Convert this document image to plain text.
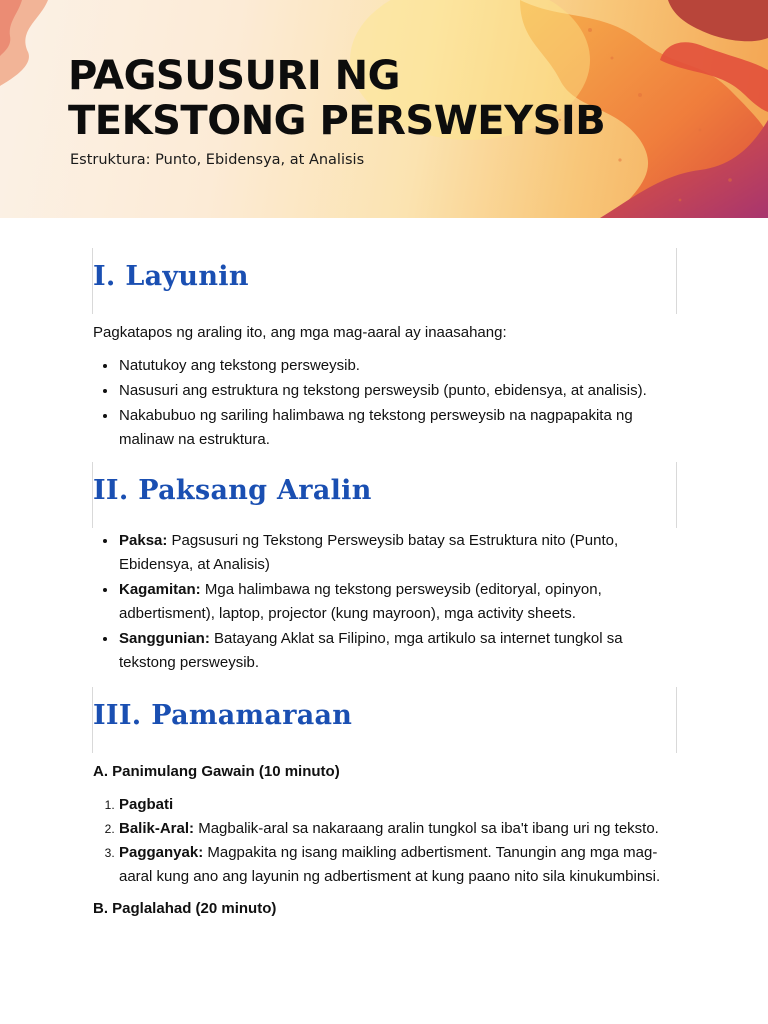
PAGSUSURI NG
TEKSTONG PERSWEYSIB

Estruktura: Punto, Ebidensya, at Analisis

I. Layunin

Pagkatapos ng araling ito, ang mga mag-aaral ay inaasahang:

• Natutukoy ang tekstong persweysib.
• Nasusuri ang estruktura ng tekstong persweysib (punto, ebidensya, at analisis).
• Nakabubuo ng sariling halimbawa ng tekstong persweysib na nagpapakita ng malinaw na estruktura.
II. Paksang Aralin
• Paksa: Pagsusuri ng Tekstong Persweysib batay sa Estruktura nito (Punto, Ebidensya, at Analisis)
• Kagamitan: Mga halimbawa ng tekstong persweysib (editoryal, opinyon, adbertisment), laptop, projector (kung mayroon), mga activity sheets.
• Sanggunian: Batayang Aklat sa Filipino, mga artikulo sa internet tungkol sa tekstong persweysib.
III. Pamamaraan
A. Panimulang Gawain (10 minuto)
1. Pagbati
2. Balik-Aral: Magbalik-aral sa nakaraang aralin tungkol sa iba't ibang uri ng teksto.
3. Pagganyak: Magpakita ng isang maikling adbertisment. Tanungin ang mga mag-aaral kung ano ang layunin ng adbertisment at kung paano nito sila kinukumbinsi.
B. Paglalahad (20 minuto)
